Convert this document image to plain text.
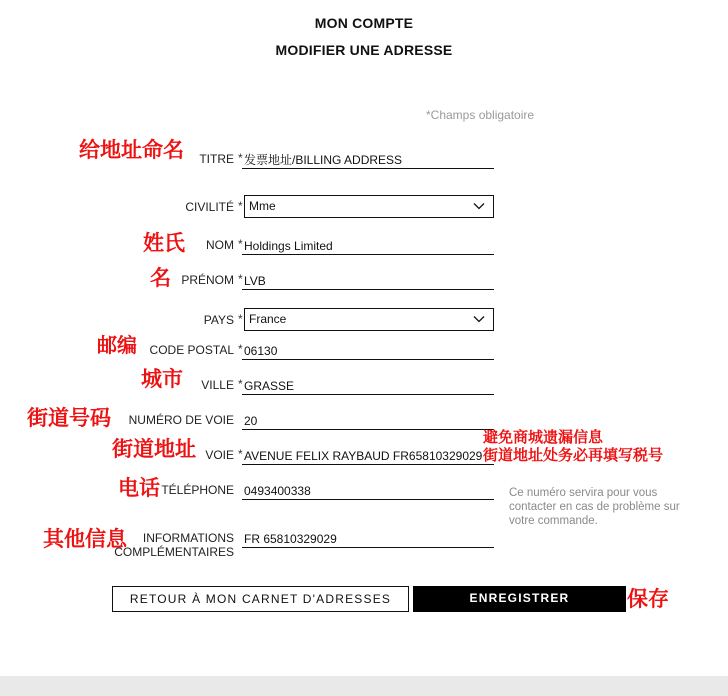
MON COMPTE
MODIFIER UNE ADRESSE
*Champs obligatoire
TITRE * 发票地址/BILLING ADDRESS
CIVILITÉ * Mme
NOM * Holdings Limited
PRÉNOM * LVB
PAYS * France
CODE POSTAL * 06130
VILLE * GRASSE
NUMÉRO DE VOIE 20
VOIE * AVENUE FELIX RAYBAUD FR65810329029
TÉLÉPHONE 0493400338	Ce numéro servira pour vous contacter en cas de problème sur votre commande.
INFORMATIONS
COMPLÉMENTAIRES
FR 65810329029
RETOUR À MON CARNET D'ADRESSES	ENREGISTRER
给地址命名
姓氏
名
邮编
城市
街道号码
街道地址
电话
其他信息
避免商城遗漏信息
街道地址处务必再填写税号
保存
